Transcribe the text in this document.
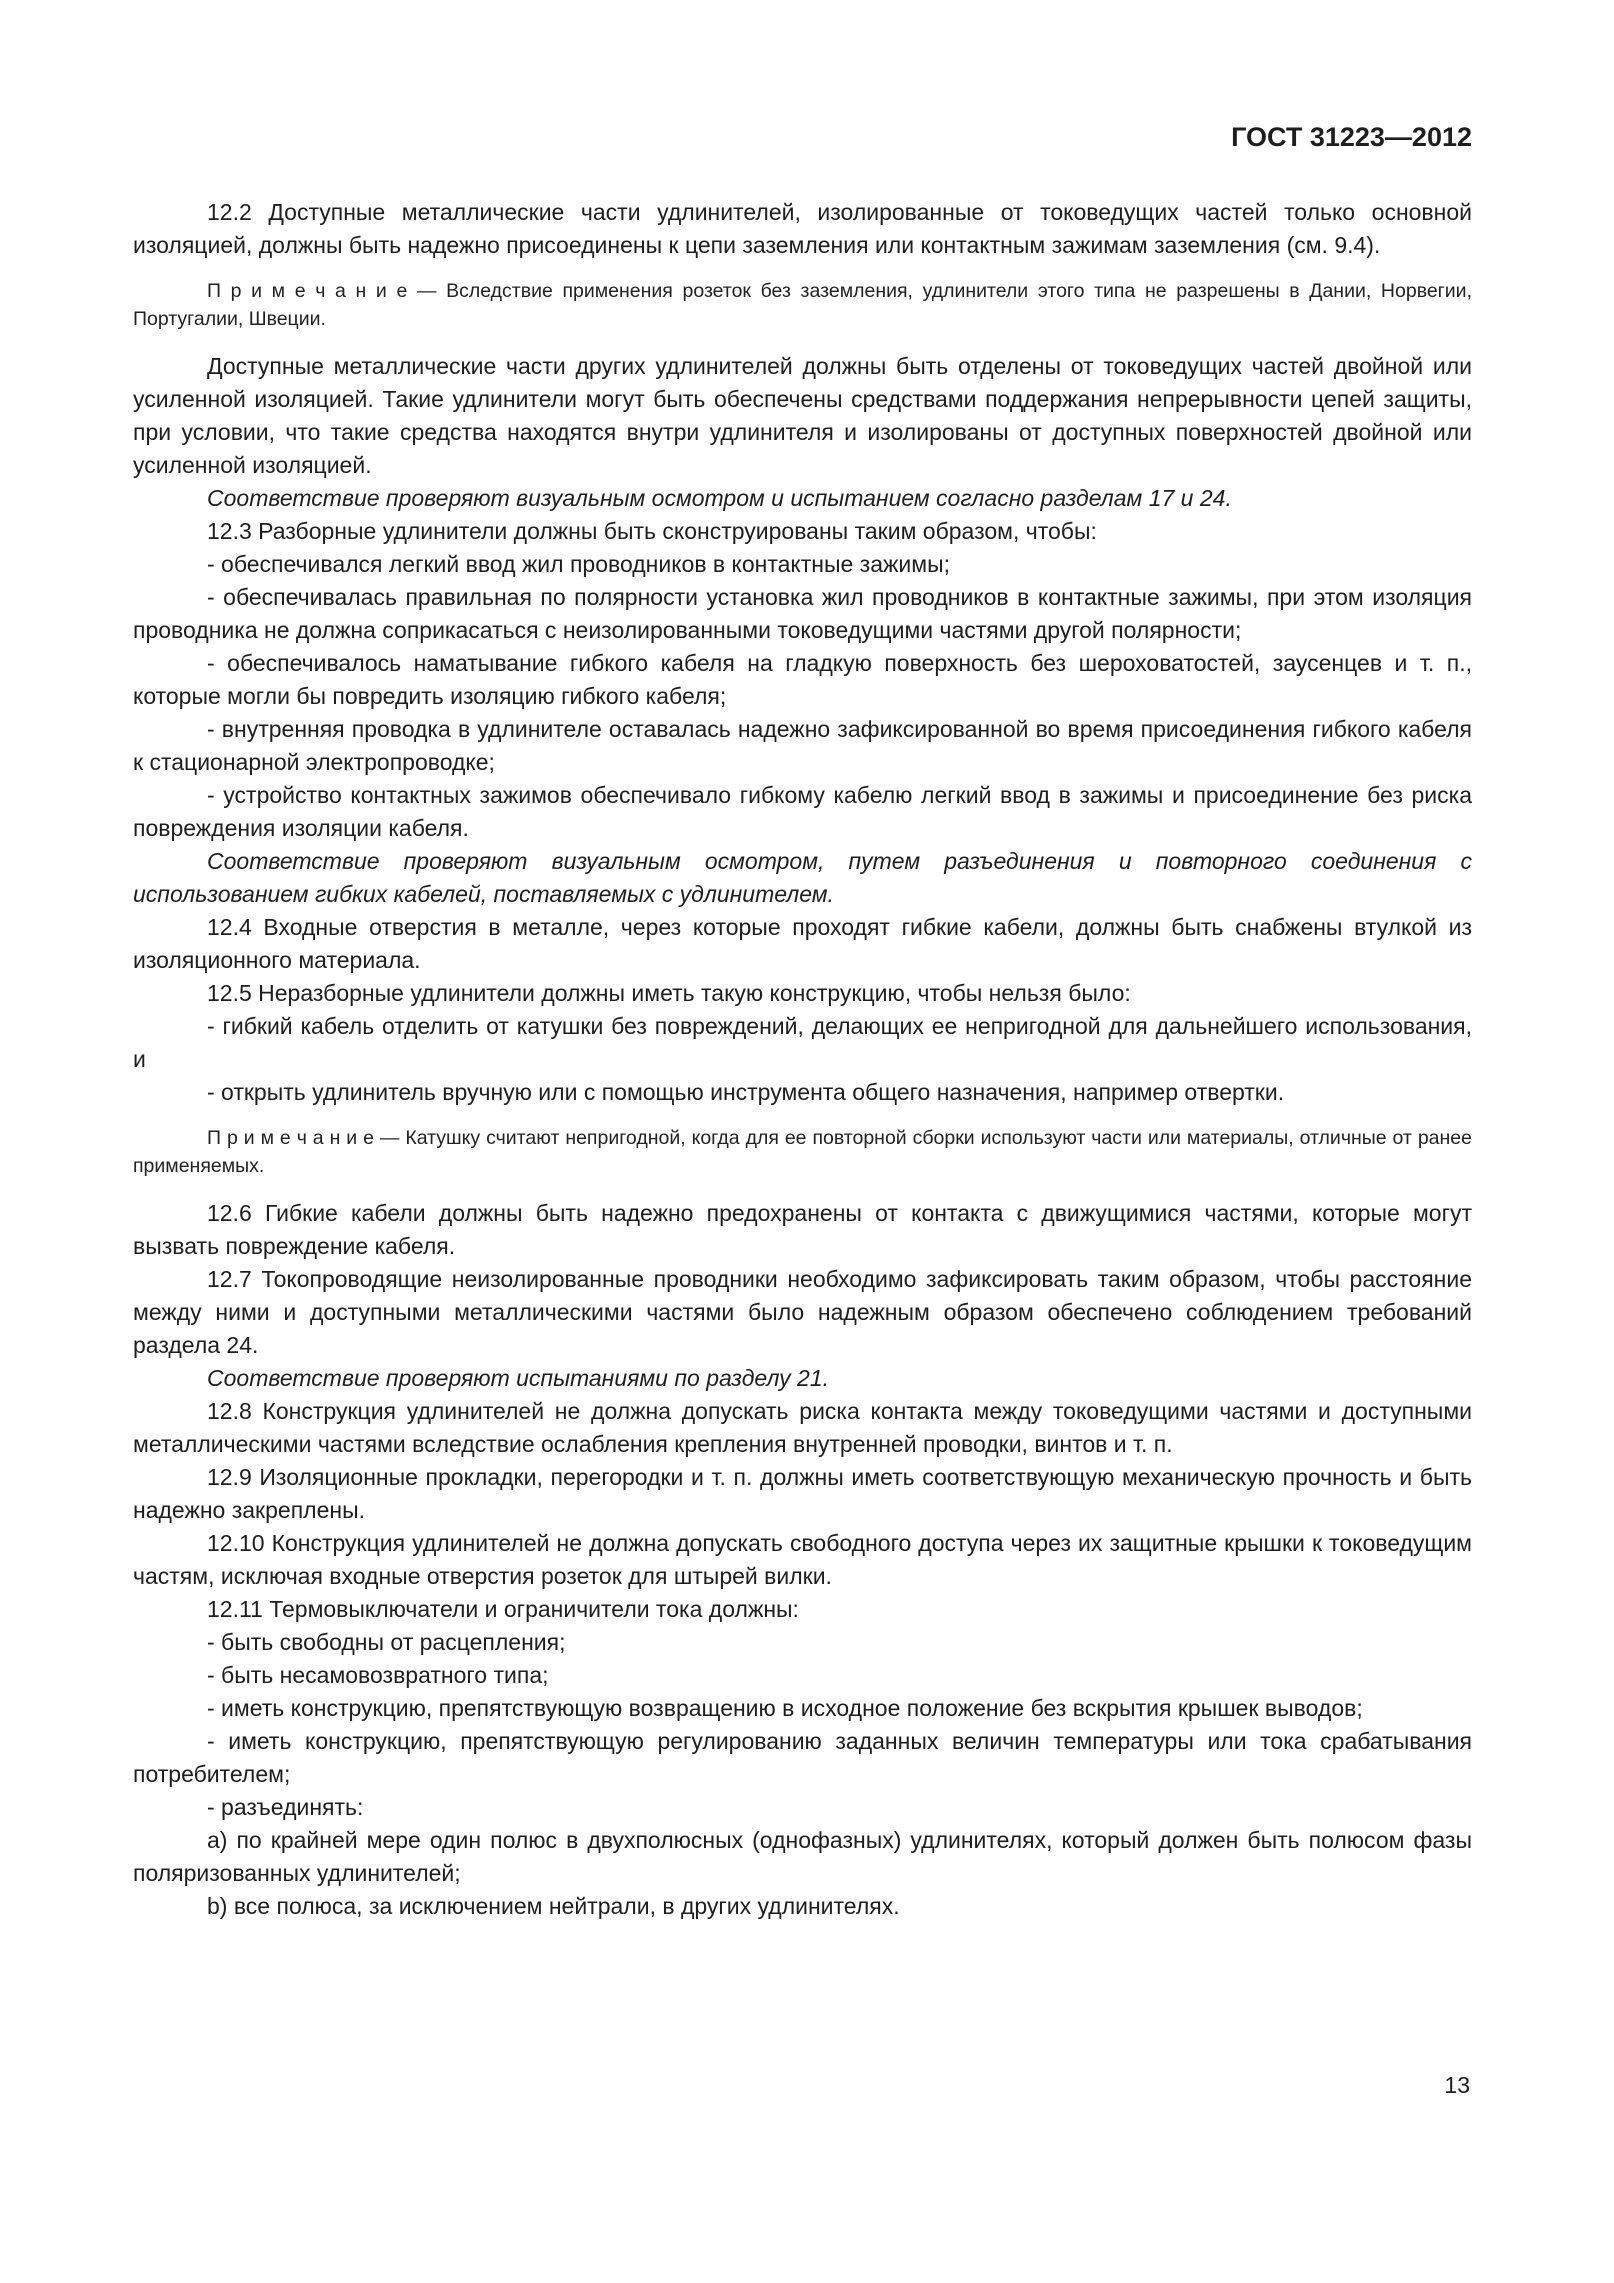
ГОСТ 31223—2012

12.2 Доступные металлические части удлинителей, изолированные от токоведущих частей только основной изоляцией, должны быть надежно присоединены к цепи заземления или контактным зажимам заземления (см. 9.4).

П р и м е ч а н и е — Вследствие применения розеток без заземления, удлинители этого типа не разрешены в Дании, Норвегии, Португалии, Швеции.

Доступные металлические части других удлинителей должны быть отделены от токоведущих частей двойной или усиленной изоляцией. Такие удлинители могут быть обеспечены средствами поддержания непрерывности цепей защиты, при условии, что такие средства находятся внутри удлинителя и изолированы от доступных поверхностей двойной или усиленной изоляцией.

Соответствие проверяют визуальным осмотром и испытанием согласно разделам 17 и 24.

12.3 Разборные удлинители должны быть сконструированы таким образом, чтобы:

- обеспечивался легкий ввод жил проводников в контактные зажимы;

- обеспечивалась правильная по полярности установка жил проводников в контактные зажимы, при этом изоляция проводника не должна соприкасаться с неизолированными токоведущими частями другой полярности;

- обеспечивалось наматывание гибкого кабеля на гладкую поверхность без шероховатостей, заусенцев и т. п., которые могли бы повредить изоляцию гибкого кабеля;

- внутренняя проводка в удлинителе оставалась надежно зафиксированной во время присоединения гибкого кабеля к стационарной электропроводке;

- устройство контактных зажимов обеспечивало гибкому кабелю легкий ввод в зажимы и присоединение без риска повреждения изоляции кабеля.

Соответствие проверяют визуальным осмотром, путем разъединения и повторного соединения с использованием гибких кабелей, поставляемых с удлинителем.

12.4 Входные отверстия в металле, через которые проходят гибкие кабели, должны быть снабжены втулкой из изоляционного материала.

12.5 Неразборные удлинители должны иметь такую конструкцию, чтобы нельзя было:

- гибкий кабель отделить от катушки без повреждений, делающих ее непригодной для дальнейшего использования, и

- открыть удлинитель вручную или с помощью инструмента общего назначения, например отвертки.

П р и м е ч а н и е — Катушку считают непригодной, когда для ее повторной сборки используют части или материалы, отличные от ранее применяемых.

12.6 Гибкие кабели должны быть надежно предохранены от контакта с движущимися частями, которые могут вызвать повреждение кабеля.

12.7 Токопроводящие неизолированные проводники необходимо зафиксировать таким образом, чтобы расстояние между ними и доступными металлическими частями было надежным образом обеспечено соблюдением требований раздела 24.

Соответствие проверяют испытаниями по разделу 21.

12.8 Конструкция удлинителей не должна допускать риска контакта между токоведущими частями и доступными металлическими частями вследствие ослабления крепления внутренней проводки, винтов и т. п.

12.9 Изоляционные прокладки, перегородки и т. п. должны иметь соответствующую механическую прочность и быть надежно закреплены.

12.10 Конструкция удлинителей не должна допускать свободного доступа через их защитные крышки к токоведущим частям, исключая входные отверстия розеток для штырей вилки.

12.11 Термовыключатели и ограничители тока должны:

- быть свободны от расцепления;

- быть несамовозвратного типа;

- иметь конструкцию, препятствующую возвращению в исходное положение без вскрытия крышек выводов;

- иметь конструкцию, препятствующую регулированию заданных величин температуры или тока срабатывания потребителем;

- разъединять:

a) по крайней мере один полюс в двухполюсных (однофазных) удлинителях, который должен быть полюсом фазы поляризованных удлинителей;

b) все полюса, за исключением нейтрали, в других удлинителях.

13
